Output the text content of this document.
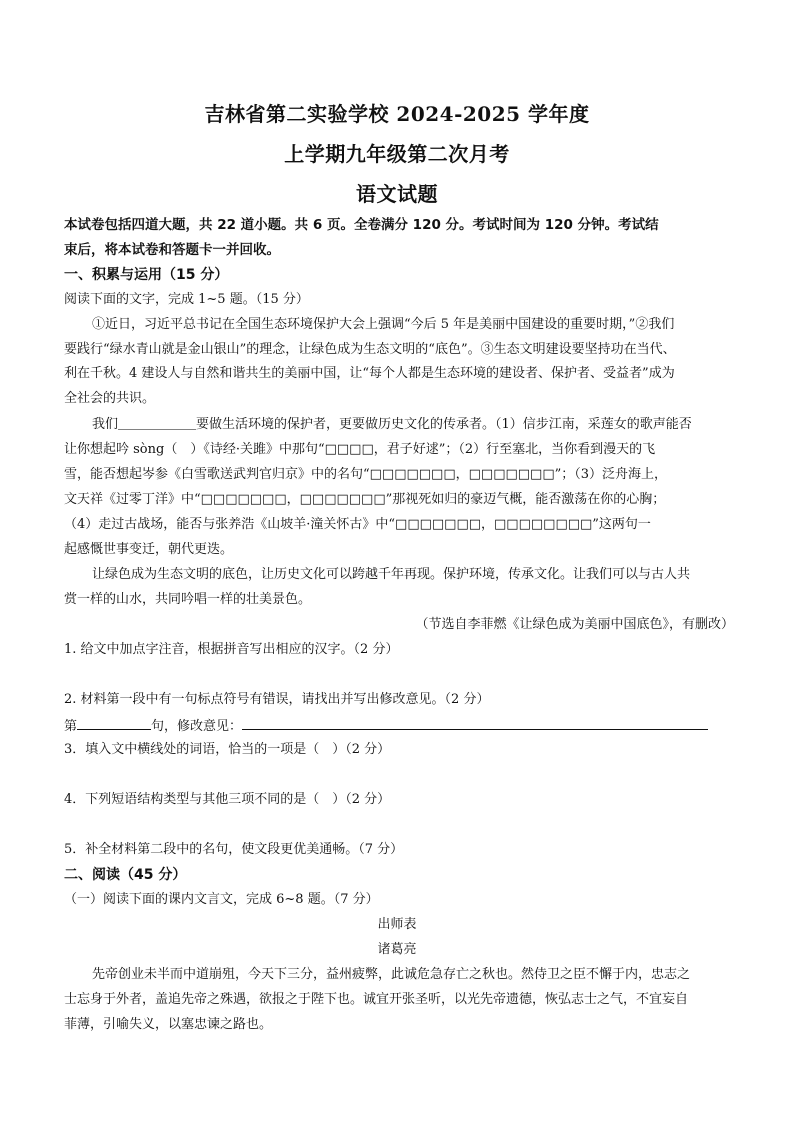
吉林省第二实验学校 2024-2025 学年度
上学期九年级第二次月考
语文试题
本试卷包括四道大题，共 22 道小题。共 6 页。全卷满分 120 分。考试时间为 120 分钟。考试结
束后，将本试卷和答题卡一并回收。
一、积累与运用（15 分）
阅读下面的文字，完成 1~5 题。（15 分）
①近日，习近平总书记在全国生态环境保护大会上强调“今后 5 年是美丽中国建设的重要时期，”②我们
要践行“绿水青山就是金山银山”的理念，让绿色成为生态文明的“底色”。③生态文明建设要坚持功在当代、
利在千秋。4 建设人与自然和谐共生的美丽中国，让“每个人都是生态环境的建设者、保护者、受益者”成为
全社会的共识。
我们＿＿＿＿＿＿要做生活环境的保护者，更要做历史文化的传承者。（1）信步江南，采莲女的歌声能否
让你想起吟 sòng（　）《诗经·关雎》中那句“□□□□，君子好逑”；（2）行至塞北，当你看到漫天的飞
雪，能否想起岑参《白雪歌送武判官归京》中的名句“□□□□□□□，□□□□□□□”；（3）泛舟海上，
文天祥《过零丁洋》中“□□□□□□□，□□□□□□□”那视死如归的豪迈气概，能否激荡在你的心胸；
（4）走过古战场，能否与张养浩《山坡羊·潼关怀古》中“□□□□□□□，□□□□□□□□”这两句一
起感慨世事变迁，朝代更迭。
让绿色成为生态文明的底色，让历史文化可以跨越千年再现。保护环境，传承文化。让我们可以与古人共
赏一样的山水，共同吟唱一样的壮美景色。
（节选自李菲燃《让绿色成为美丽中国底色》，有删改）
1. 给文中加点字注音，根据拼音写出相应的汉字。（2 分）
2. 材料第一段中有一句标点符号有错误，请找出并写出修改意见。（2 分）
第	句，修改意见：
3．填入文中横线处的词语，恰当的一项是（　）（2 分）
4．下列短语结构类型与其他三项不同的是（　）（2 分）
5．补全材料第二段中的名句，使文段更优美通畅。（7 分）
二、阅读（45 分）
（一）阅读下面的课内文言文，完成 6~8 题。（7 分）
出师表
诸葛亮
先帝创业未半而中道崩殂，今天下三分，益州疲弊，此诚危急存亡之秋也。然侍卫之臣不懈于内，忠志之
士忘身于外者，盖追先帝之殊遇，欲报之于陛下也。诚宜开张圣听，以光先帝遗德，恢弘志士之气，不宜妄自
菲薄，引喻失义，以塞忠谏之路也。
